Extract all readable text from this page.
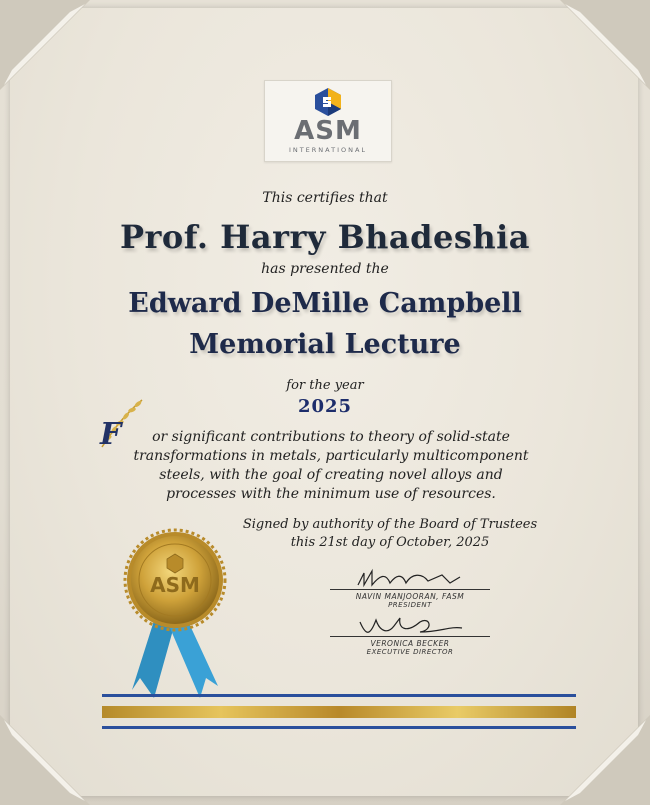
ASM
INTERNATIONAL
This certifies that
Prof. Harry Bhadeshia
has presented the
Edward DeMille Campbell
Memorial Lecture
for the year
2025
F	or significant contributions to theory of solid-state
transformations in metals, particularly multicomponent
steels, with the goal of creating novel alloys and
processes with the minimum use of resources.
Signed by authority of the Board of Trustees
this 21st day of October, 2025
NAVIN MANJOORAN, FASM
PRESIDENT
VERONICA BECKER
EXECUTIVE DIRECTOR
ASM
